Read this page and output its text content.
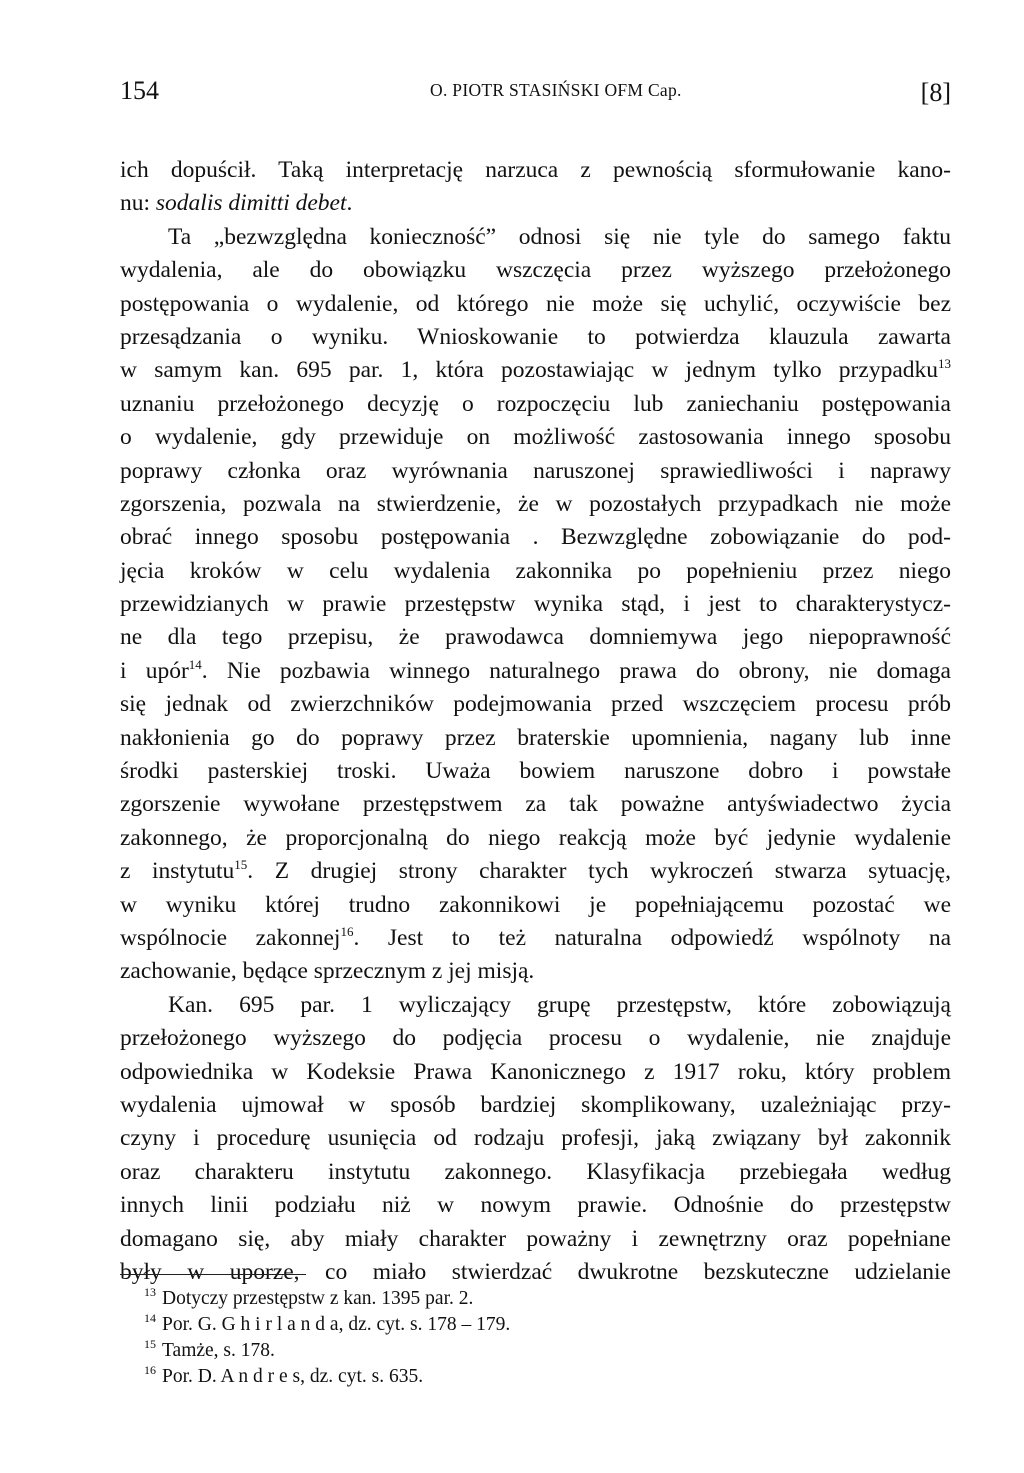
154	O. PIOTR STASIŃSKI OFM Cap.	[8]
ich dopuścił. Taką interpretację narzuca z pewnością sformułowanie kano-
nu: sodalis dimitti debet.
Ta „bezwzględna konieczność” odnosi się nie tyle do samego faktu
wydalenia, ale do obowiązku wszczęcia przez wyższego przełożonego
postępowania o wydalenie, od którego nie może się uchylić, oczywiście bez
przesądzania o wyniku. Wnioskowanie to potwierdza klauzula zawarta
w samym kan. 695 par. 1, która pozostawiając w jednym tylko przypadku$^{13}$
uznaniu przełożonego decyzję o rozpoczęciu lub zaniechaniu postępowania
o wydalenie, gdy przewiduje on możliwość zastosowania innego sposobu
poprawy członka oraz wyrównania naruszonej sprawiedliwości i naprawy
zgorszenia, pozwala na stwierdzenie, że w pozostałych przypadkach nie może
obrać innego sposobu postępowania . Bezwzględne zobowiązanie do pod-
jęcia kroków w celu wydalenia zakonnika po popełnieniu przez niego
przewidzianych w prawie przestępstw wynika stąd, i jest to charakterystycz-
ne dla tego przepisu, że prawodawca domniemywa jego niepoprawność
i upór$^{14}$. Nie pozbawia winnego naturalnego prawa do obrony, nie domaga
się jednak od zwierzchników podejmowania przed wszczęciem procesu prób
nakłonienia go do poprawy przez braterskie upomnienia, nagany lub inne
środki pasterskiej troski. Uważa bowiem naruszone dobro i powstałe
zgorszenie wywołane przestępstwem za tak poważne antyświadectwo życia
zakonnego, że proporcjonalną do niego reakcją może być jedynie wydalenie
z instytutu$^{15}$. Z drugiej strony charakter tych wykroczeń stwarza sytuację,
w wyniku której trudno zakonnikowi je popełniającemu pozostać we
wspólnocie zakonnej$^{16}$. Jest to też naturalna odpowiedź wspólnoty na
zachowanie, będące sprzecznym z jej misją.
Kan. 695 par. 1 wyliczający grupę przestępstw, które zobowiązują
przełożonego wyższego do podjęcia procesu o wydalenie, nie znajduje
odpowiednika w Kodeksie Prawa Kanonicznego z 1917 roku, który problem
wydalenia ujmował w sposób bardziej skomplikowany, uzależniając przy-
czyny i procedurę usunięcia od rodzaju profesji, jaką związany był zakonnik
oraz charakteru instytutu zakonnego. Klasyfikacja przebiegała według
innych linii podziału niż w nowym prawie. Odnośnie do przestępstw
domagano się, aby miały charakter poważny i zewnętrzny oraz popełniane
były w uporze, co miało stwierdzać dwukrotne bezskuteczne udzielanie
$^{13}$ Dotyczy przestępstw z kan. 1395 par. 2.
$^{14}$ Por. G. G h i r l a n d a, dz. cyt. s. 178 – 179.
$^{15}$ Tamże, s. 178.
$^{16}$ Por. D. A n d r e s, dz. cyt. s. 635.
